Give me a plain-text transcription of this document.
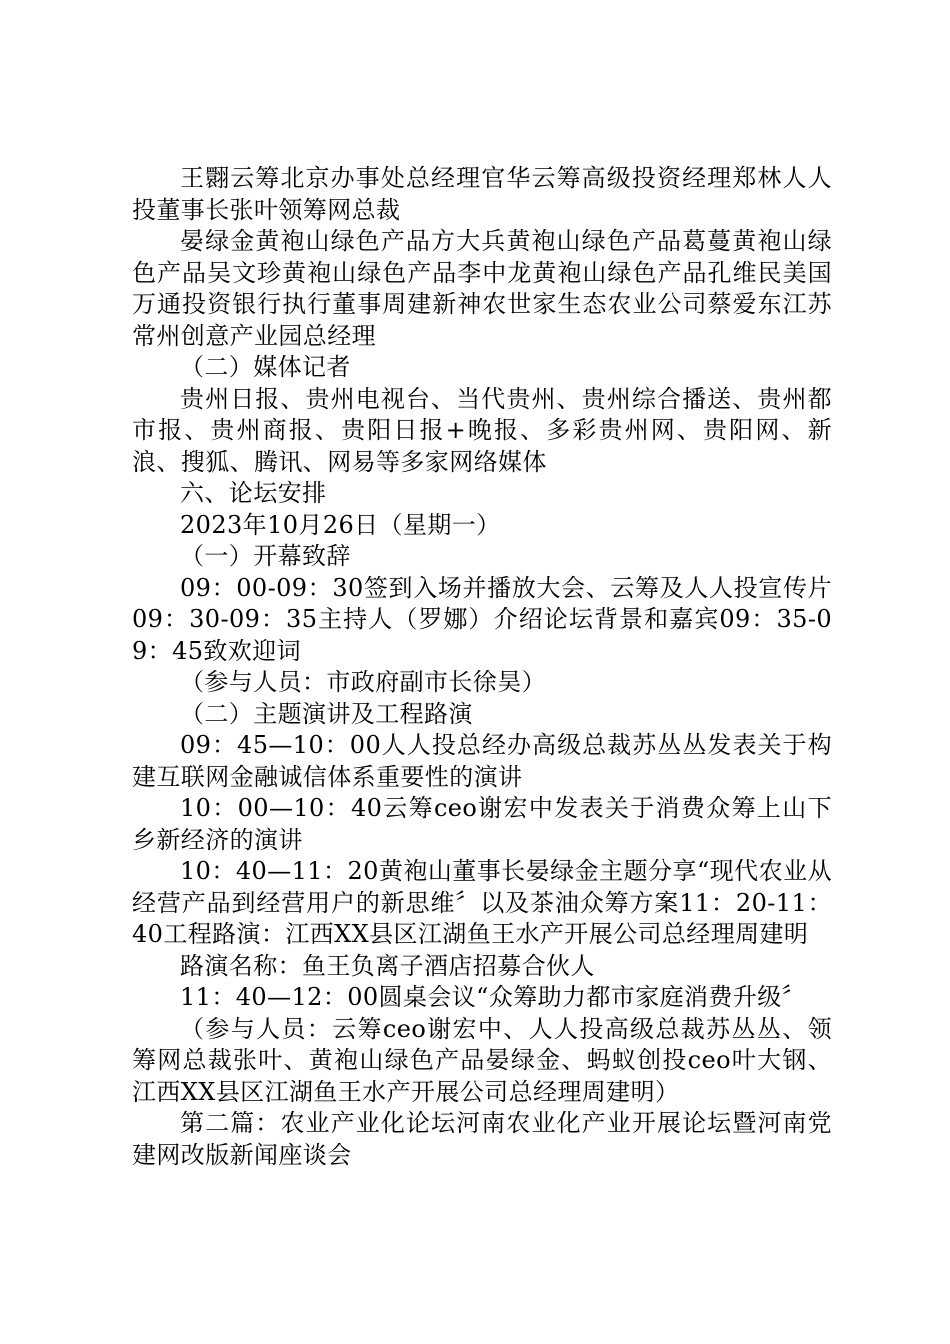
王翾云筹北京办事处总经理官华云筹高级投资经理郑林人人投董事长张叶领筹网总裁

晏绿金黄袍山绿色产品方大兵黄袍山绿色产品葛蔓黄袍山绿色产品吴文珍黄袍山绿色产品李中龙黄袍山绿色产品孔维民美国万通投资银行执行董事周建新神农世家生态农业公司蔡爱东江苏常州创意产业园总经理

（二）媒体记者

贵州日报、贵州电视台、当代贵州、贵州综合播送、贵州都市报、贵州商报、贵阳日报+晚报、多彩贵州网、贵阳网、新浪、搜狐、腾讯、网易等多家网络媒体

六、论坛安排

2023年10月26日（星期一）

（一）开幕致辞

09：00-09：30签到入场并播放大会、云筹及人人投宣传片09：30-09：35主持人（罗娜）介绍论坛背景和嘉宾09：35-09：45致欢迎词

（参与人员：市政府副市长徐昊）

（二）主题演讲及工程路演

09：45—10：00人人投总经办高级总裁苏丛丛发表关于构建互联网金融诚信体系重要性的演讲

10：00—10：40云筹ceo谢宏中发表关于消费众筹上山下乡新经济的演讲

10：40—11：20黄袍山董事长晏绿金主题分享“现代农业从经营产品到经营用户的新思维〞以及茶油众筹方案11：20-11：40工程路演：江西XX县区江湖鱼王水产开展公司总经理周建明

路演名称：鱼王负离子酒店招募合伙人

11：40—12：00圆桌会议“众筹助力都市家庭消费升级〞

（参与人员：云筹ceo谢宏中、人人投高级总裁苏丛丛、领筹网总裁张叶、黄袍山绿色产品晏绿金、蚂蚁创投ceo叶大钢、江西XX县区江湖鱼王水产开展公司总经理周建明）

第二篇：农业产业化论坛河南农业化产业开展论坛暨河南党建网改版新闻座谈会
